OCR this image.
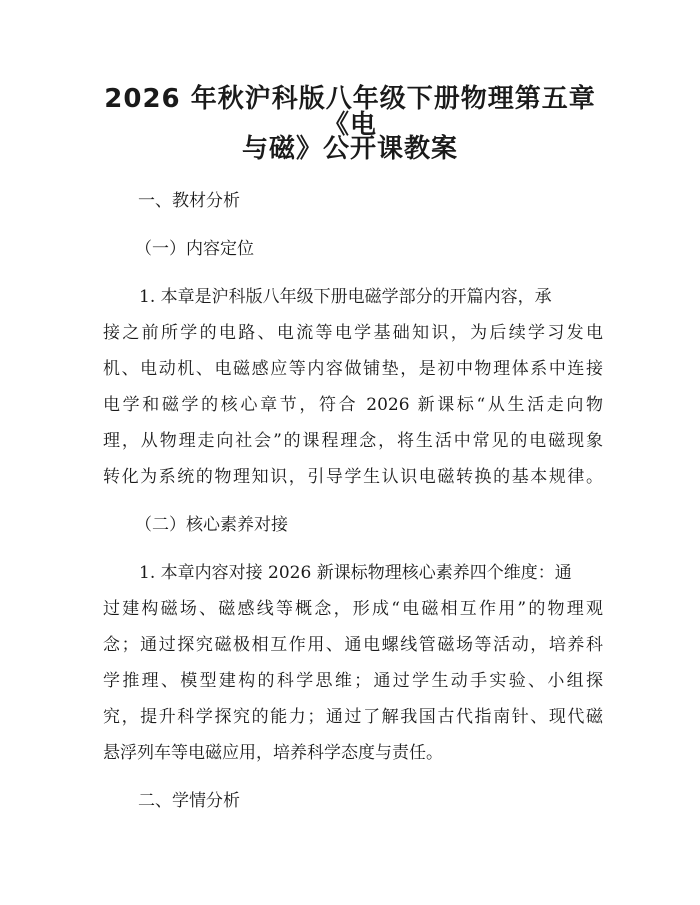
2026 年秋沪科版八年级下册物理第五章《电
与磁》公开课教案
一、教材分析
（一）内容定位
1. 本章是沪科版八年级下册电磁学部分的开篇内容，承
接之前所学的电路、电流等电学基础知识，为后续学习发电
机、电动机、电磁感应等内容做铺垫，是初中物理体系中连接
电学和磁学的核心章节，符合 2026 新课标“从生活走向物
理，从物理走向社会”的课程理念，将生活中常见的电磁现象
转化为系统的物理知识，引导学生认识电磁转换的基本规律。
（二）核心素养对接
1. 本章内容对接 2026 新课标物理核心素养四个维度：通
过建构磁场、磁感线等概念，形成“电磁相互作用”的物理观
念；通过探究磁极相互作用、通电螺线管磁场等活动，培养科
学推理、模型建构的科学思维；通过学生动手实验、小组探
究，提升科学探究的能力；通过了解我国古代指南针、现代磁
悬浮列车等电磁应用，培养科学态度与责任。
二、学情分析
